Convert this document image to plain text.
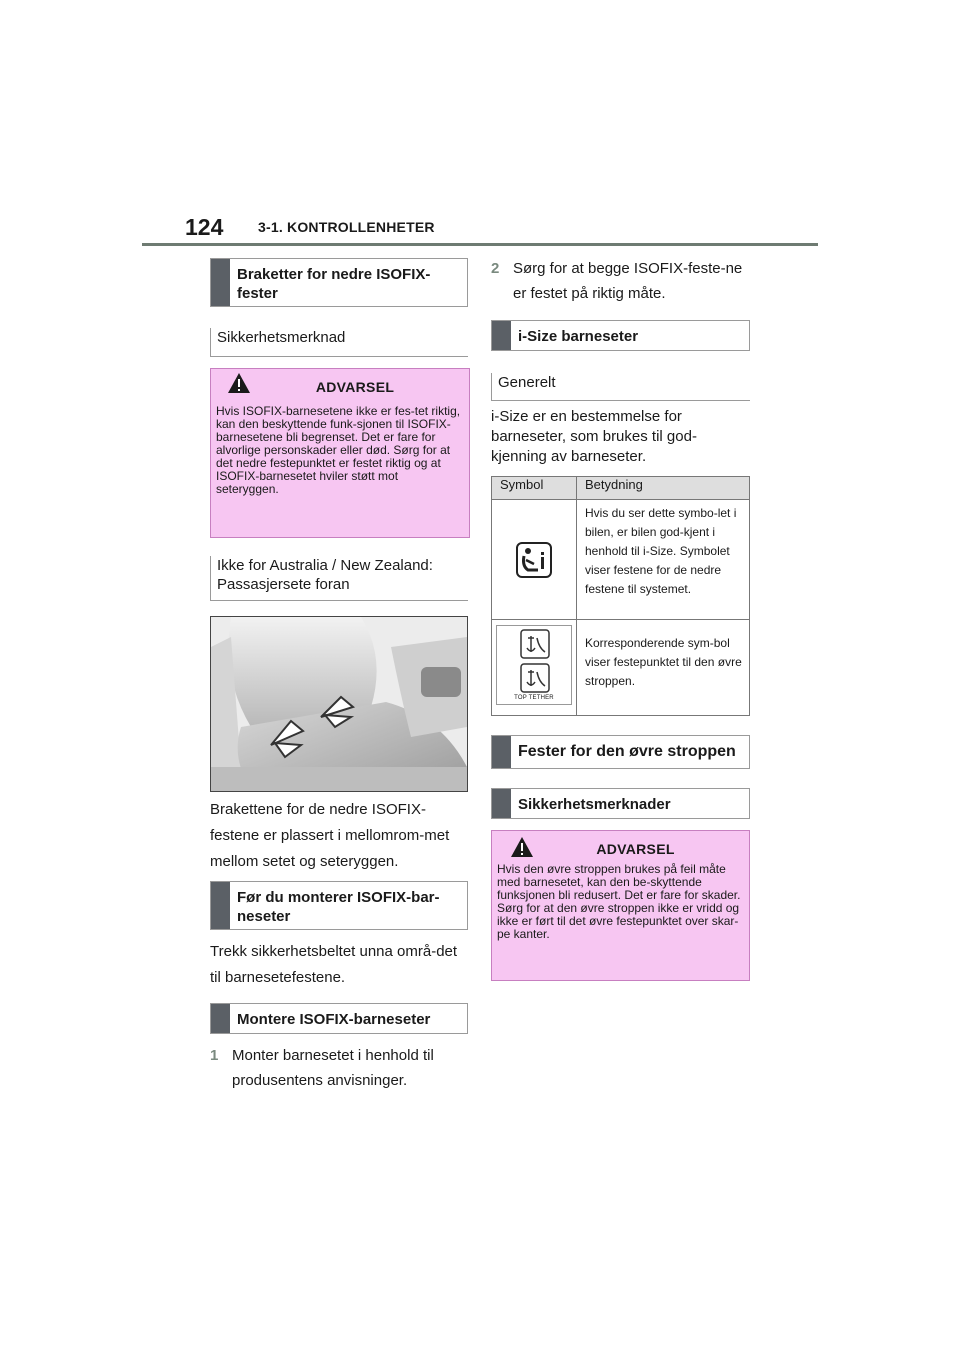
124 3-1. KONTROLLENHETER
Braketter for nedre ISOFIX-fester
Sikkerhetsmerknad
ADVARSEL
Hvis ISOFIX-barnesetene ikke er fes-tet riktig, kan den beskyttende funk-sjonen til ISOFIX-barnesetene bli begrenset. Det er fare for alvorlige personskader eller død. Sørg for at det nedre festepunktet er festet riktig og at ISOFIX-barnesetet hviler støtt mot seteryggen.
Ikke for Australia / New Zealand: Passasjersete foran
Brakettene for de nedre ISOFIX-festene er plassert i mellomrom-met mellom setet og seteryggen.
Før du monterer ISOFIX-bar-neseter
Trekk sikkerhetsbeltet unna områ-det til barnesetefestene.
Montere ISOFIX-barneseter
1 Monter barnesetet i henhold til produsentens anvisninger.
2 Sørg for at begge ISOFIX-feste-ne er festet på riktig måte.
i-Size barneseter
Generelt
i-Size er en bestemmelse for barneseter, som brukes til god-kjenning av barneseter.
Symbol	Betydning

	Hvis du ser dette symbo-let i bilen, er bilen god-kjent i henhold til i-Size. Symbolet viser festene for de nedre festene til systemet.

TOP TETHER	Korresponderende sym-bol viser festepunktet til den øvre stroppen.
Fester for den øvre stroppen
Sikkerhetsmerknader
ADVARSEL
Hvis den øvre stroppen brukes på feil måte med barnesetet, kan den be-skyttende funksjonen bli redusert. Det er fare for skader. Sørg for at den øvre stroppen ikke er vridd og ikke er ført til det øvre festepunktet over skar-pe kanter.
